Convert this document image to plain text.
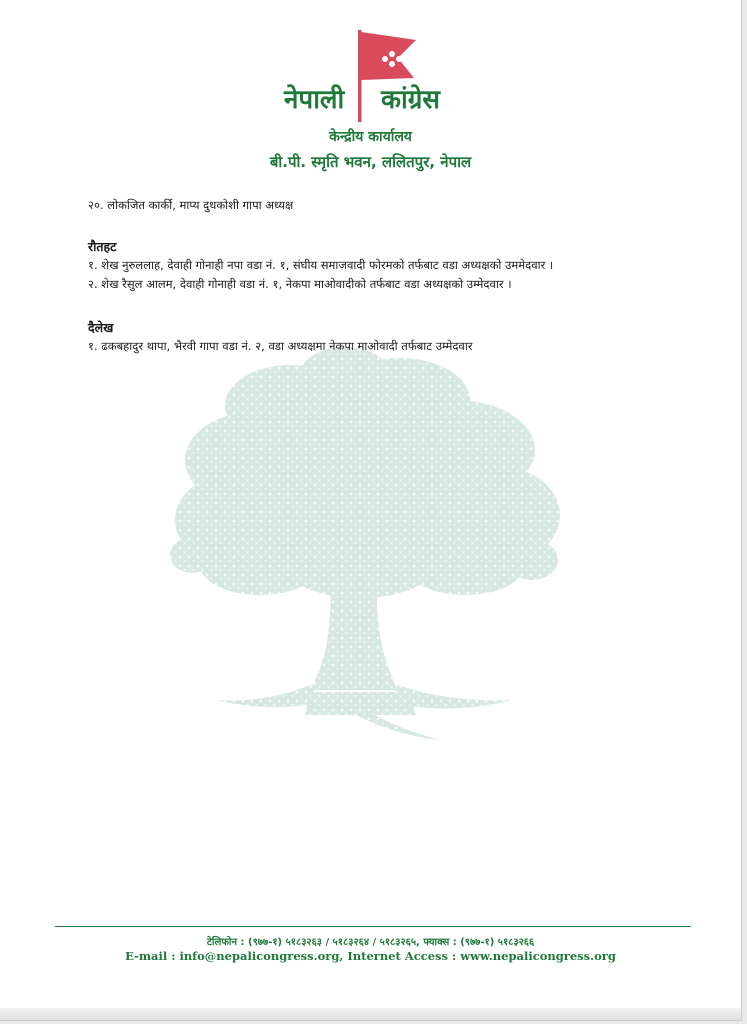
नेपाली कांग्रेस
केन्द्रीय कार्यालय
बी.पी. स्मृति भवन, ललितपुर, नेपाल
२०. लोकजित कार्की, माप्य दुधकोशी गापा अध्यक्ष
रौतहट
१. शेख नुरुललाह, देवाही गोनाही नपा वडा नं. १, संघीय समाजवादी फोरमको तर्फबाट वडा अध्यक्षको उममेदवार ।
२. शेख रैसुल आलम, देवाही गोनाही वडा नं. १, नेकपा माओवादीको तर्फबाट वडा अध्यक्षको उम्मेदवार ।
दैलेख
१. ढकबहादुर थापा, भैरवी गापा वडा नं. २, वडा अध्यक्षमा नेकपा माओवादी तर्फबाट उम्मेदवार
टेलिफोन : (९७७-१) ५१८३२६३ / ५१८३२६४ / ५१८३२६५, फ्याक्स : (९७७-१) ५१८३२६६
E-mail : info@nepalicongress.org, Internet Access : www.nepalicongress.org
